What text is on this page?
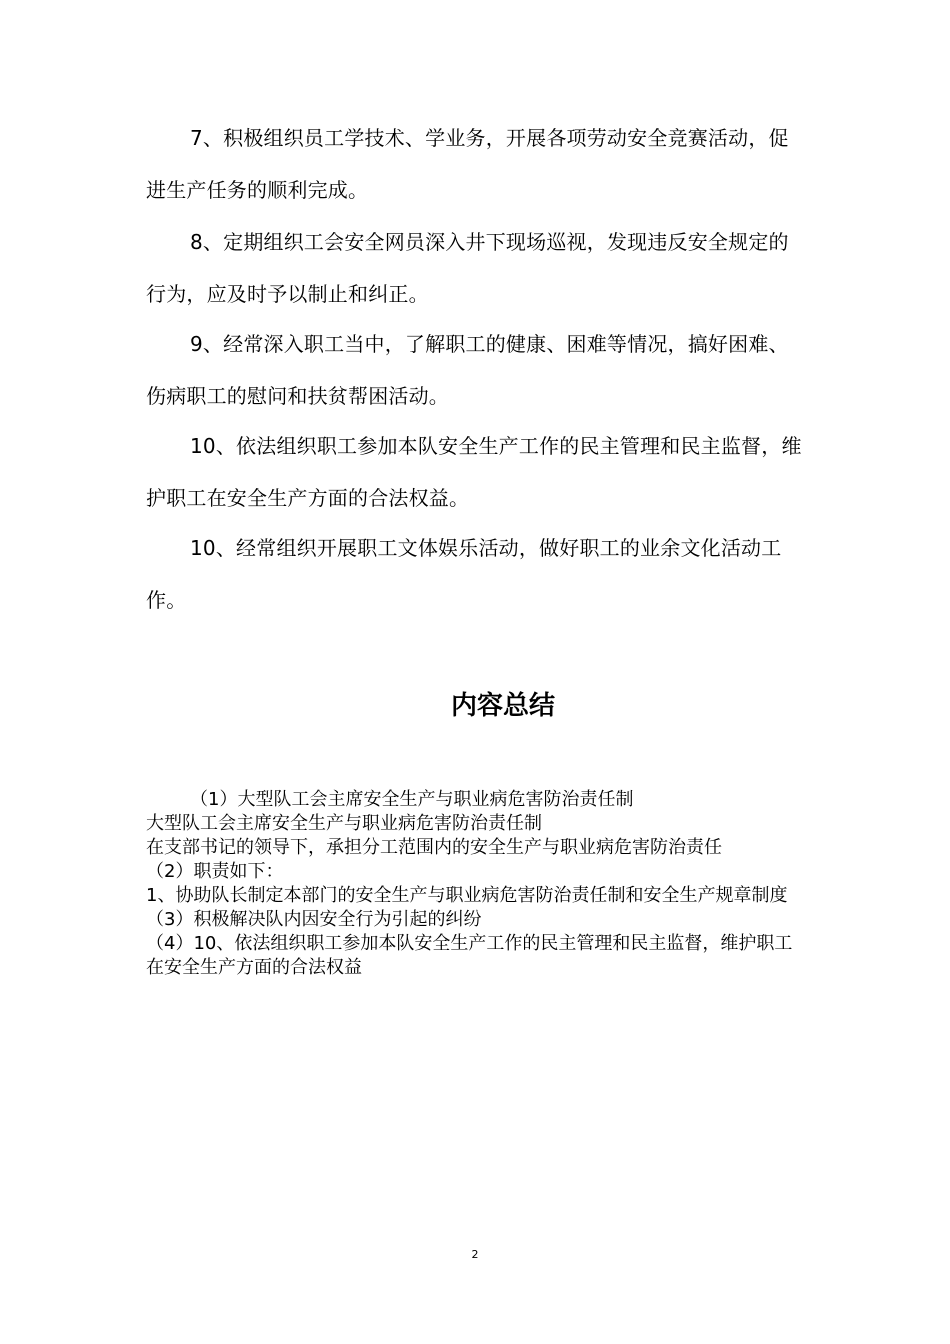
7、积极组织员工学技术、学业务，开展各项劳动安全竞赛活动，促进生产任务的顺利完成。

8、定期组织工会安全网员深入井下现场巡视，发现违反安全规定的行为，应及时予以制止和纠正。

9、经常深入职工当中，了解职工的健康、困难等情况，搞好困难、伤病职工的慰问和扶贫帮困活动。

10、依法组织职工参加本队安全生产工作的民主管理和民主监督，维护职工在安全生产方面的合法权益。

10、经常组织开展职工文体娱乐活动，做好职工的业余文化活动工作。

内容总结
（1）大型队工会主席安全生产与职业病危害防治责任制
大型队工会主席安全生产与职业病危害防治责任制
在支部书记的领导下，承担分工范围内的安全生产与职业病危害防治责任
（2）职责如下：
1、协助队长制定本部门的安全生产与职业病危害防治责任制和安全生产规章制度
（3）积极解决队内因安全行为引起的纠纷
（4）10、依法组织职工参加本队安全生产工作的民主管理和民主监督，维护职工在安全生产方面的合法权益
2
